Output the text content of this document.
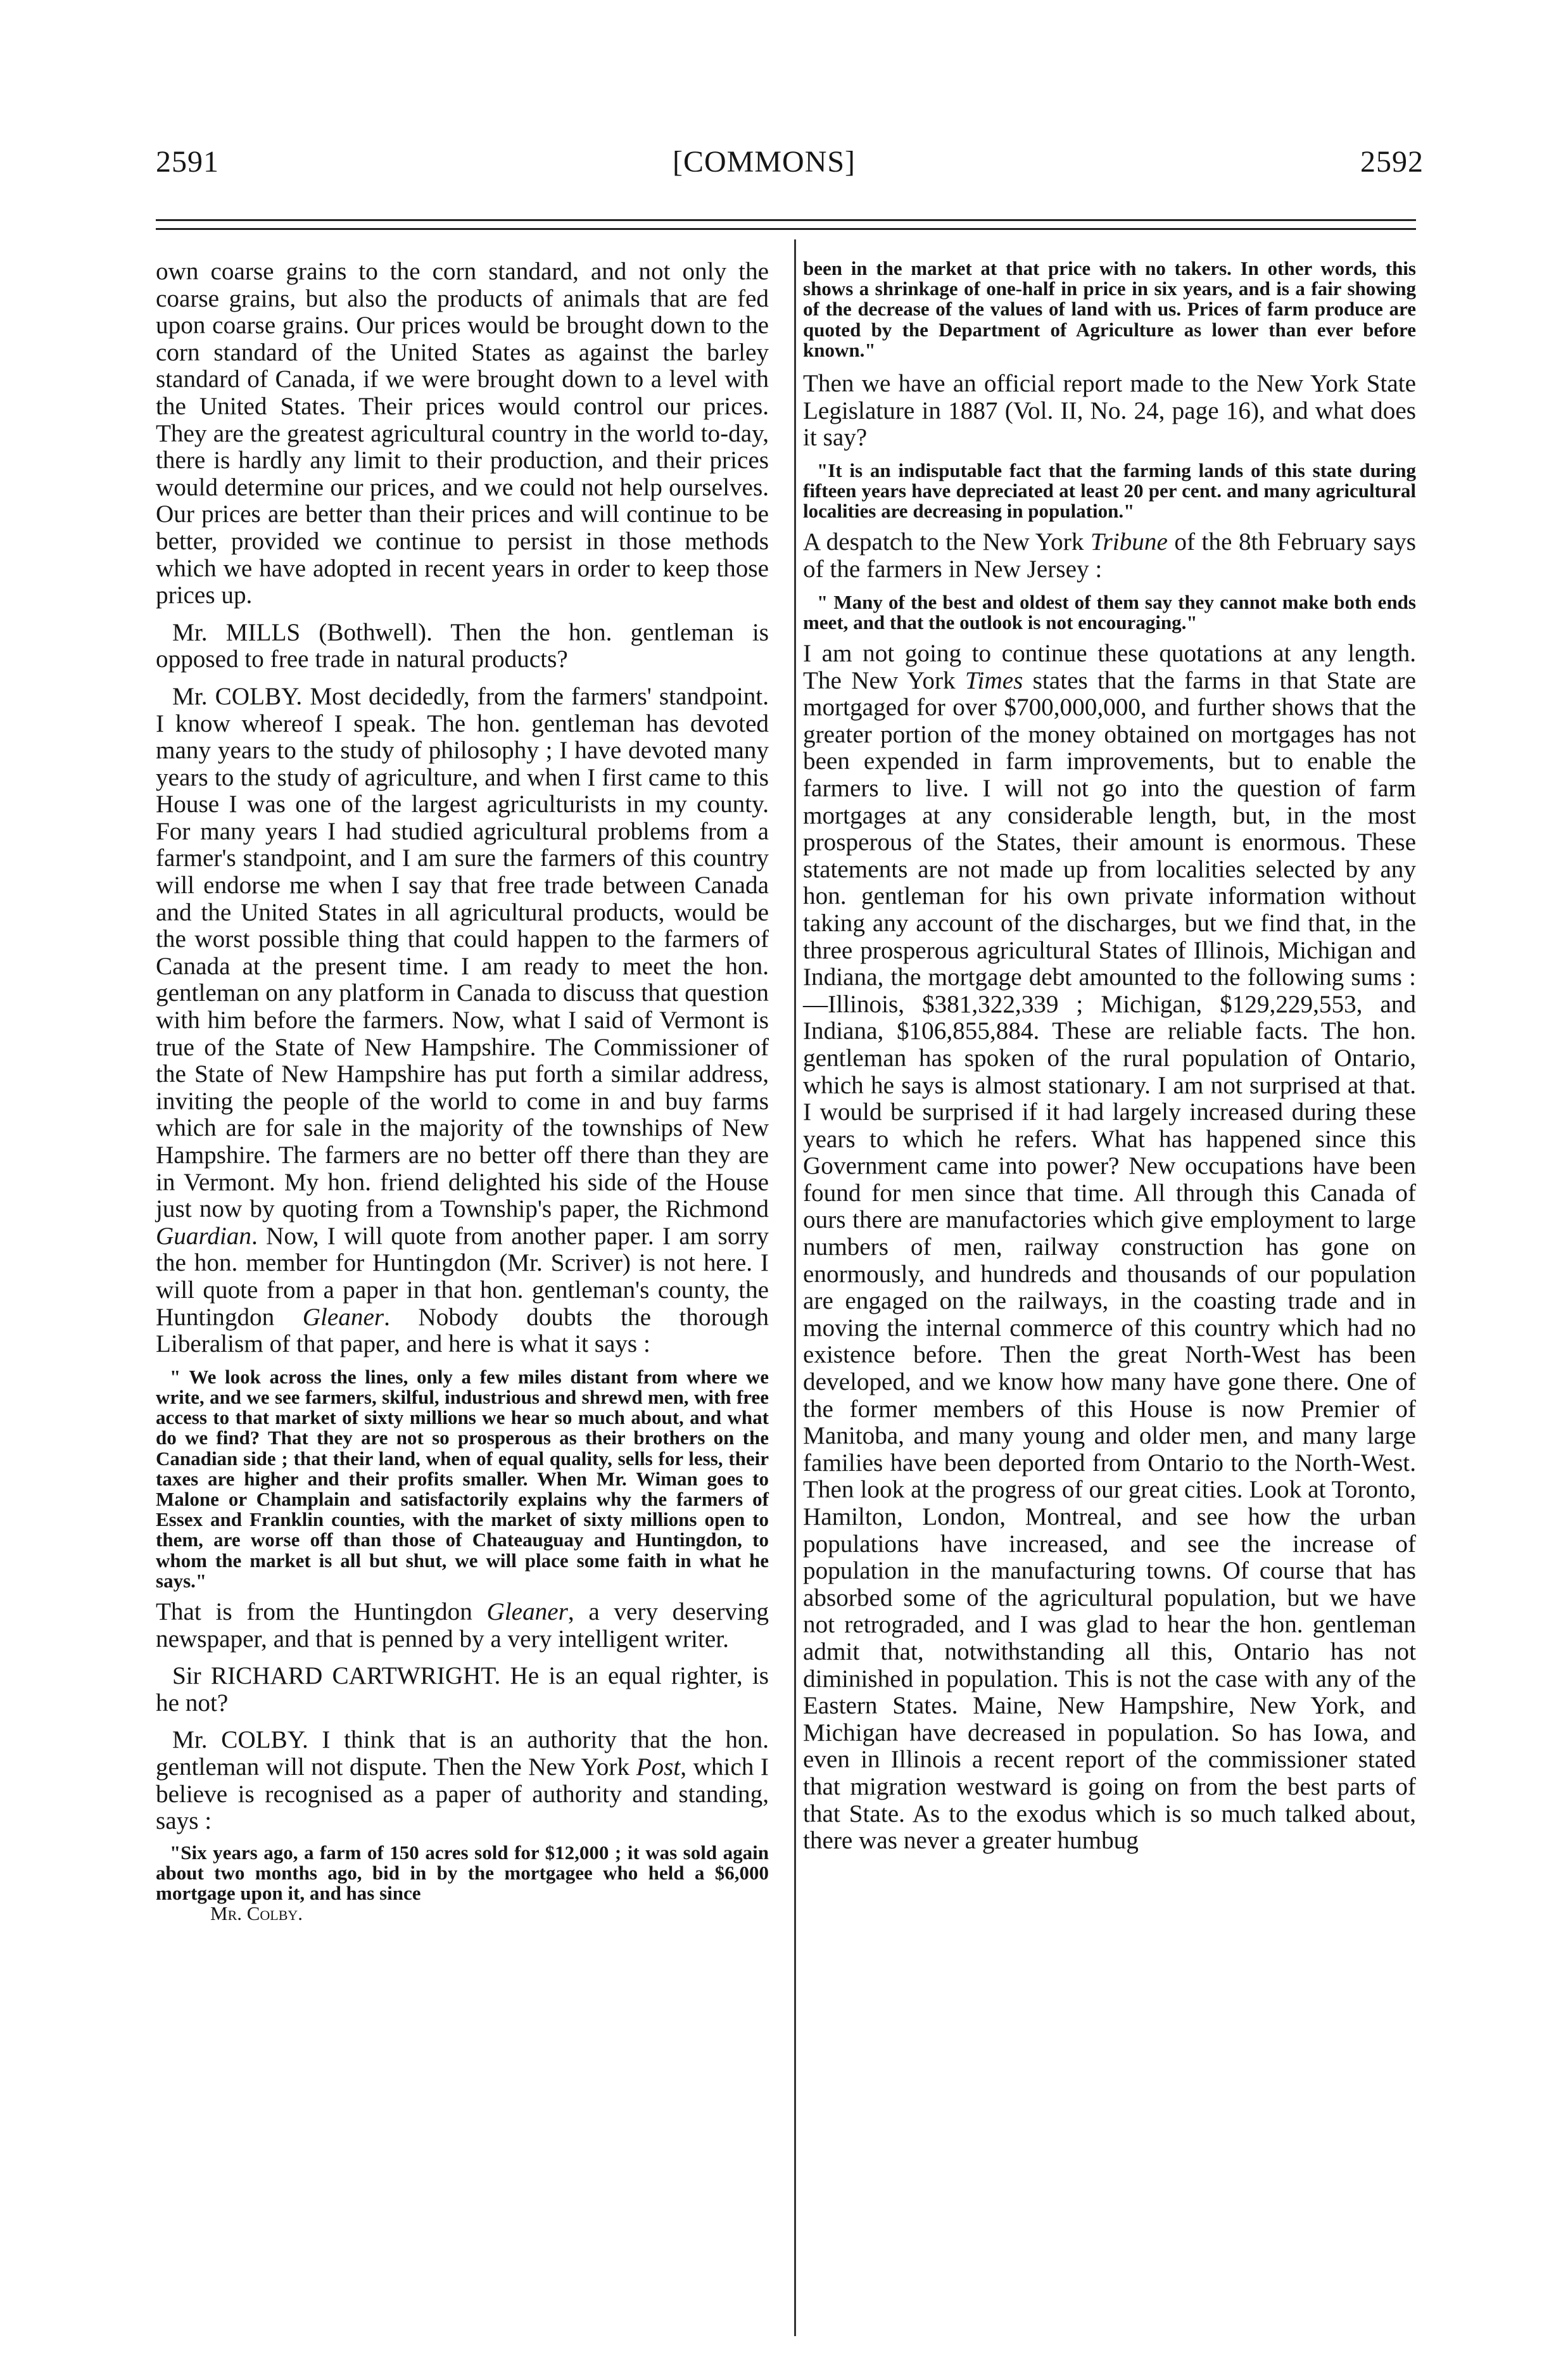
2591	[COMMONS]	2592

own coarse grains to the corn standard, and not only the coarse grains, but also the products of animals that are fed upon coarse grains. Our prices would be brought down to the corn standard of the United States as against the barley standard of Canada, if we were brought down to a level with the United States. Their prices would control our prices. They are the greatest agricultural country in the world to-day, there is hardly any limit to their production, and their prices would determine our prices, and we could not help ourselves. Our prices are better than their prices and will continue to be better, provided we continue to persist in those methods which we have adopted in recent years in order to keep those prices up.

Mr. MILLS (Bothwell). Then the hon. gentleman is opposed to free trade in natural products?

Mr. COLBY. Most decidedly, from the farmers' standpoint. I know whereof I speak. The hon. gentleman has devoted many years to the study of philosophy ; I have devoted many years to the study of agriculture, and when I first came to this House I was one of the largest agriculturists in my county. For many years I had studied agricultural problems from a farmer's standpoint, and I am sure the farmers of this country will endorse me when I say that free trade between Canada and the United States in all agricultural products, would be the worst possible thing that could happen to the farmers of Canada at the present time. I am ready to meet the hon. gentleman on any platform in Canada to discuss that question with him before the farmers. Now, what I said of Vermont is true of the State of New Hampshire. The Commissioner of the State of New Hampshire has put forth a similar address, inviting the people of the world to come in and buy farms which are for sale in the majority of the townships of New Hampshire. The farmers are no better off there than they are in Vermont. My hon. friend delighted his side of the House just now by quoting from a Township's paper, the Richmond Guardian. Now, I will quote from another paper. I am sorry the hon. member for Huntingdon (Mr. Scriver) is not here. I will quote from a paper in that hon. gentleman's county, the Huntingdon Gleaner. Nobody doubts the thorough Liberalism of that paper, and here is what it says :

" We look across the lines, only a few miles distant from where we write, and we see farmers, skilful, industrious and shrewd men, with free access to that market of sixty millions we hear so much about, and what do we find? That they are not so prosperous as their brothers on the Canadian side ; that their land, when of equal quality, sells for less, their taxes are higher and their profits smaller. When Mr. Wiman goes to Malone or Champlain and satisfactorily explains why the farmers of Essex and Franklin counties, with the market of sixty millions open to them, are worse off than those of Chateauguay and Huntingdon, to whom the market is all but shut, we will place some faith in what he says."

That is from the Huntingdon Gleaner, a very deserving newspaper, and that is penned by a very intelligent writer.

Sir RICHARD CARTWRIGHT. He is an equal righter, is he not?

Mr. COLBY. I think that is an authority that the hon. gentleman will not dispute. Then the New York Post, which I believe is recognised as a paper of authority and standing, says :

"Six years ago, a farm of 150 acres sold for $12,000 ; it was sold again about two months ago, bid in by the mortgagee who held a $6,000 mortgage upon it, and has since

Mr. Colby.

been in the market at that price with no takers. In other words, this shows a shrinkage of one-half in price in six years, and is a fair showing of the decrease of the values of land with us. Prices of farm produce are quoted by the Department of Agriculture as lower than ever before known."

Then we have an official report made to the New York State Legislature in 1887 (Vol. II, No. 24, page 16), and what does it say?

"It is an indisputable fact that the farming lands of this state during fifteen years have depreciated at least 20 per cent. and many agricultural localities are decreasing in population."

A despatch to the New York Tribune of the 8th February says of the farmers in New Jersey :

" Many of the best and oldest of them say they cannot make both ends meet, and that the outlook is not encouraging."

I am not going to continue these quotations at any length. The New York Times states that the farms in that State are mortgaged for over $700,000,000, and further shows that the greater portion of the money obtained on mortgages has not been expended in farm improvements, but to enable the farmers to live. I will not go into the question of farm mortgages at any considerable length, but, in the most prosperous of the States, their amount is enormous. These statements are not made up from localities selected by any hon. gentleman for his own private information without taking any account of the discharges, but we find that, in the three prosperous agricultural States of Illinois, Michigan and Indiana, the mortgage debt amounted to the following sums :—Illinois, $381,322,339 ; Michigan, $129,229,553, and Indiana, $106,855,884. These are reliable facts. The hon. gentleman has spoken of the rural population of Ontario, which he says is almost stationary. I am not surprised at that. I would be surprised if it had largely increased during these years to which he refers. What has happened since this Government came into power? New occupations have been found for men since that time. All through this Canada of ours there are manufactories which give employment to large numbers of men, railway construction has gone on enormously, and hundreds and thousands of our population are engaged on the railways, in the coasting trade and in moving the internal commerce of this country which had no existence before. Then the great North-West has been developed, and we know how many have gone there. One of the former members of this House is now Premier of Manitoba, and many young and older men, and many large families have been deported from Ontario to the North-West. Then look at the progress of our great cities. Look at Toronto, Hamilton, London, Montreal, and see how the urban populations have increased, and see the increase of population in the manufacturing towns. Of course that has absorbed some of the agricultural population, but we have not retrograded, and I was glad to hear the hon. gentleman admit that, notwithstanding all this, Ontario has not diminished in population. This is not the case with any of the Eastern States. Maine, New Hampshire, New York, and Michigan have decreased in population. So has Iowa, and even in Illinois a recent report of the commissioner stated that migration westward is going on from the best parts of that State. As to the exodus which is so much talked about, there was never a greater humbug
